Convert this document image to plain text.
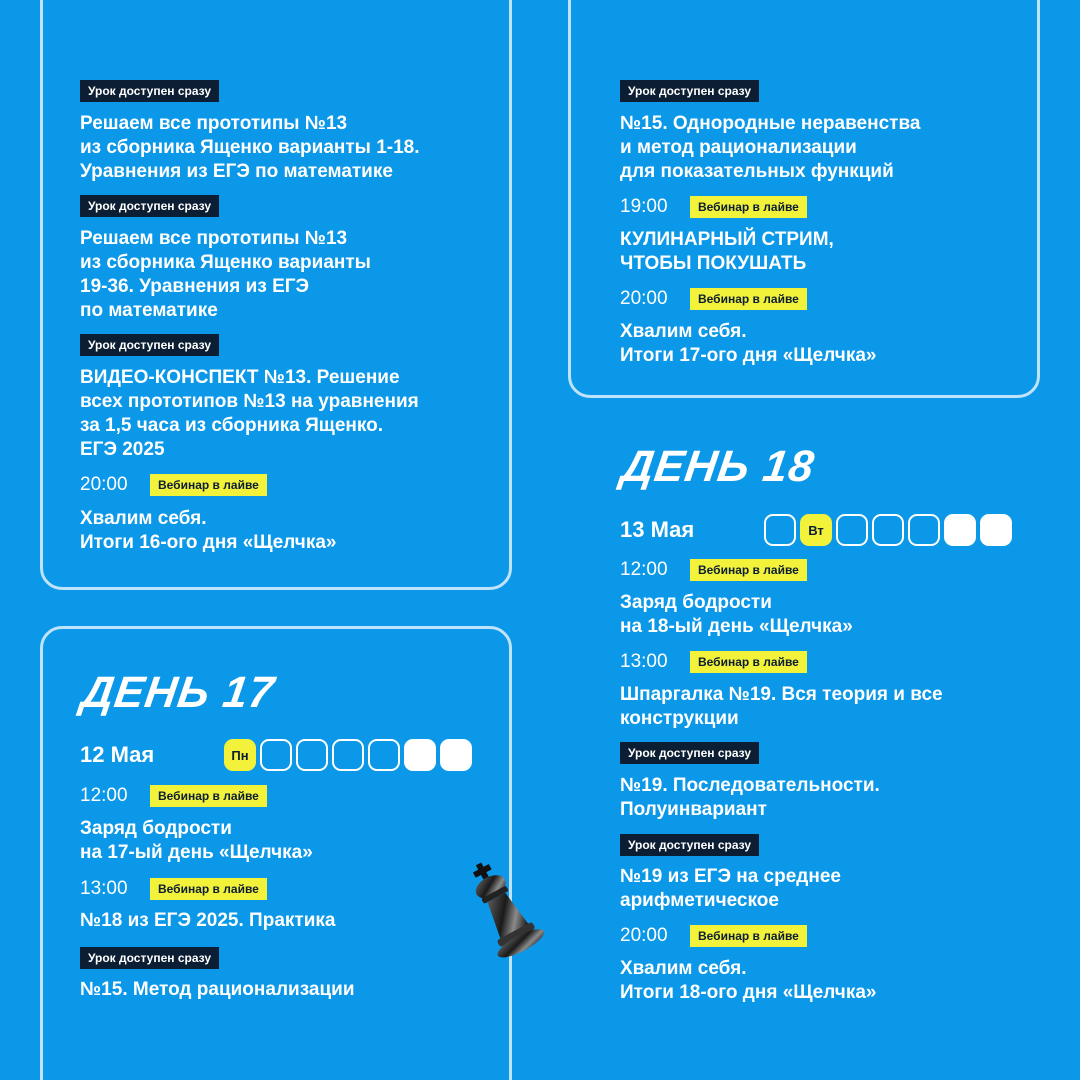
Урок доступен сразу
Решаем все прототипы №13
из сборника Ященко варианты 1-18.
Уравнения из ЕГЭ по математике
Урок доступен сразу
Решаем все прототипы №13
из сборника Ященко варианты
19-36. Уравнения из ЕГЭ
по математике
Урок доступен сразу
ВИДЕО-КОНСПЕКТ №13. Решение
всех прототипов №13 на уравнения
за 1,5 часа из сборника Ященко.
ЕГЭ 2025
20:00	Вебинар в лайве
Хвалим себя.
Итоги 16-ого дня «Щелчка»
Урок доступен сразу
№15. Однородные неравенства
и метод рационализации
для показательных функций
19:00	Вебинар в лайве
КУЛИНАРНЫЙ СТРИМ,
ЧТОБЫ ПОКУШАТЬ
20:00	Вебинар в лайве
Хвалим себя.
Итоги 17-ого дня «Щелчка»
ДЕНЬ 17
12 Мая	Пн
12:00	Вебинар в лайве
Заряд бодрости
на 17-ый день «Щелчка»
13:00	Вебинар в лайве
№18 из ЕГЭ 2025. Практика
Урок доступен сразу
№15. Метод рационализации
ДЕНЬ 18
13 Мая	Вт
12:00	Вебинар в лайве
Заряд бодрости
на 18-ый день «Щелчка»
13:00	Вебинар в лайве
Шпаргалка №19. Вся теория и все
конструкции
Урок доступен сразу
№19. Последовательности.
Полуинвариант
Урок доступен сразу
№19 из ЕГЭ на среднее
арифметическое
20:00	Вебинар в лайве
Хвалим себя.
Итоги 18-ого дня «Щелчка»
